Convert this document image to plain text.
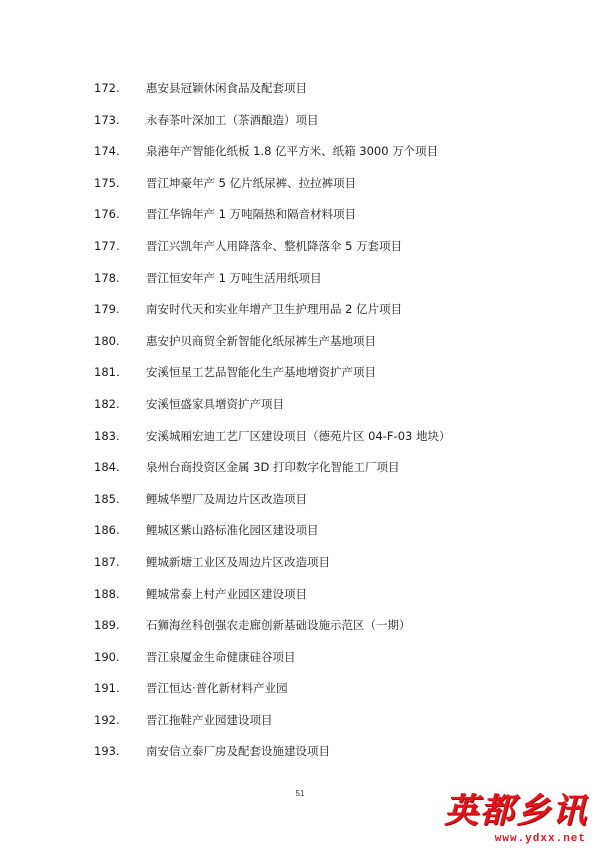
172.	惠安县冠颖休闲食品及配套项目
173.	永春茶叶深加工（茶酒酿造）项目
174.	泉港年产智能化纸板 1.8 亿平方米、纸箱 3000 万个项目
175.	晋江坤豪年产 5 亿片纸尿裤、拉拉裤项目
176.	晋江华锦年产 1 万吨隔热和隔音材料项目
177.	晋江兴凯年产人用降落伞、整机降落伞 5 万套项目
178.	晋江恒安年产 1 万吨生活用纸项目
179.	南安时代天和实业年增产卫生护理用品 2 亿片项目
180.	惠安护贝商贸全新智能化纸尿裤生产基地项目
181.	安溪恒星工艺品智能化生产基地增资扩产项目
182.	安溪恒盛家具增资扩产项目
183.	安溪城厢宏迪工艺厂区建设项目（德苑片区 04-F-03 地块）
184.	泉州台商投资区金属 3D 打印数字化智能工厂项目
185.	鲤城华塑厂及周边片区改造项目
186.	鲤城区紫山路标准化园区建设项目
187.	鲤城新塘工业区及周边片区改造项目
188.	鲤城常泰上村产业园区建设项目
189.	石狮海丝科创强农走廊创新基础设施示范区（一期）
190.	晋江泉厦金生命健康硅谷项目
191.	晋江恒达·普化新材料产业园
192.	晋江拖鞋产业园建设项目
193.	南安信立泰厂房及配套设施建设项目
51	英都乡讯
www.ydxx.net
